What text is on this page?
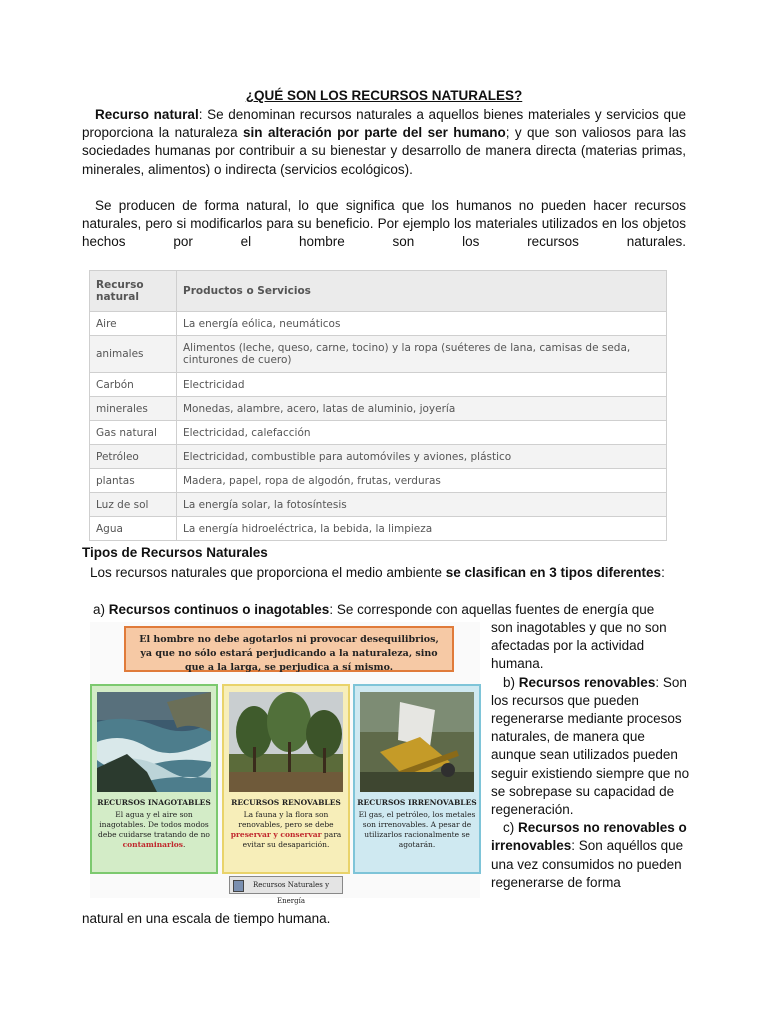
¿QUÉ SON LOS RECURSOS NATURALES?
Recurso natural: Se denominan recursos naturales a aquellos bienes materiales y servicios que proporciona la naturaleza sin alteración por parte del ser humano; y que son valiosos para las sociedades humanas por contribuir a su bienestar y desarrollo de manera directa (materias primas, minerales, alimentos) o indirecta (servicios ecológicos).
Se producen de forma natural, lo que significa que los humanos no pueden hacer recursos naturales, pero si modificarlos para su beneficio. Por ejemplo los materiales utilizados en los objetos hechos por el hombre son los recursos naturales.
Recurso natural	Productos o Servicios
Aire	La energía eólica, neumáticos
animales	Alimentos (leche, queso, carne, tocino) y la ropa (suéteres de lana, camisas de seda, cinturones de cuero)
Carbón	Electricidad
minerales	Monedas, alambre, acero, latas de aluminio, joyería
Gas natural	Electricidad, calefacción
Petróleo	Electricidad, combustible para automóviles y aviones, plástico
plantas	Madera, papel, ropa de algodón, frutas, verduras
Luz de sol	La energía solar, la fotosíntesis
Agua	La energía hidroeléctrica, la bebida, la limpieza
Tipos de Recursos Naturales
Los recursos naturales que proporciona el medio ambiente se clasifican en 3 tipos diferentes:
a) Recursos continuos o inagotables: Se corresponde con aquellas fuentes de energía que
son inagotables y que no son afectadas por la actividad humana.
b) Recursos renovables: Son los recursos que pueden regenerarse mediante procesos naturales, de manera que aunque sean utilizados pueden seguir existiendo siempre que no se sobrepase su capacidad de regeneración.
c) Recursos no renovables o irrenovables: Son aquéllos que una vez consumidos no pueden regenerarse de forma
natural en una escala de tiempo humana.
El hombre no debe agotarlos ni provocar desequilibrios, ya que no sólo estará perjudicando a la naturaleza, sino que a la larga, se perjudica a sí mismo.
RECURSOS INAGOTABLES
El agua y el aire son inagotables. De todos modos debe cuidarse tratando de no contaminarlos.
RECURSOS RENOVABLES
La fauna y la flora son renovables, pero se debe preservar y conservar para evitar su desaparición.
RECURSOS IRRENOVABLES
El gas, el petróleo, los metales son irrenovables. A pesar de utilizarlos racionalmente se agotarán.
Recursos Naturales y Energía
